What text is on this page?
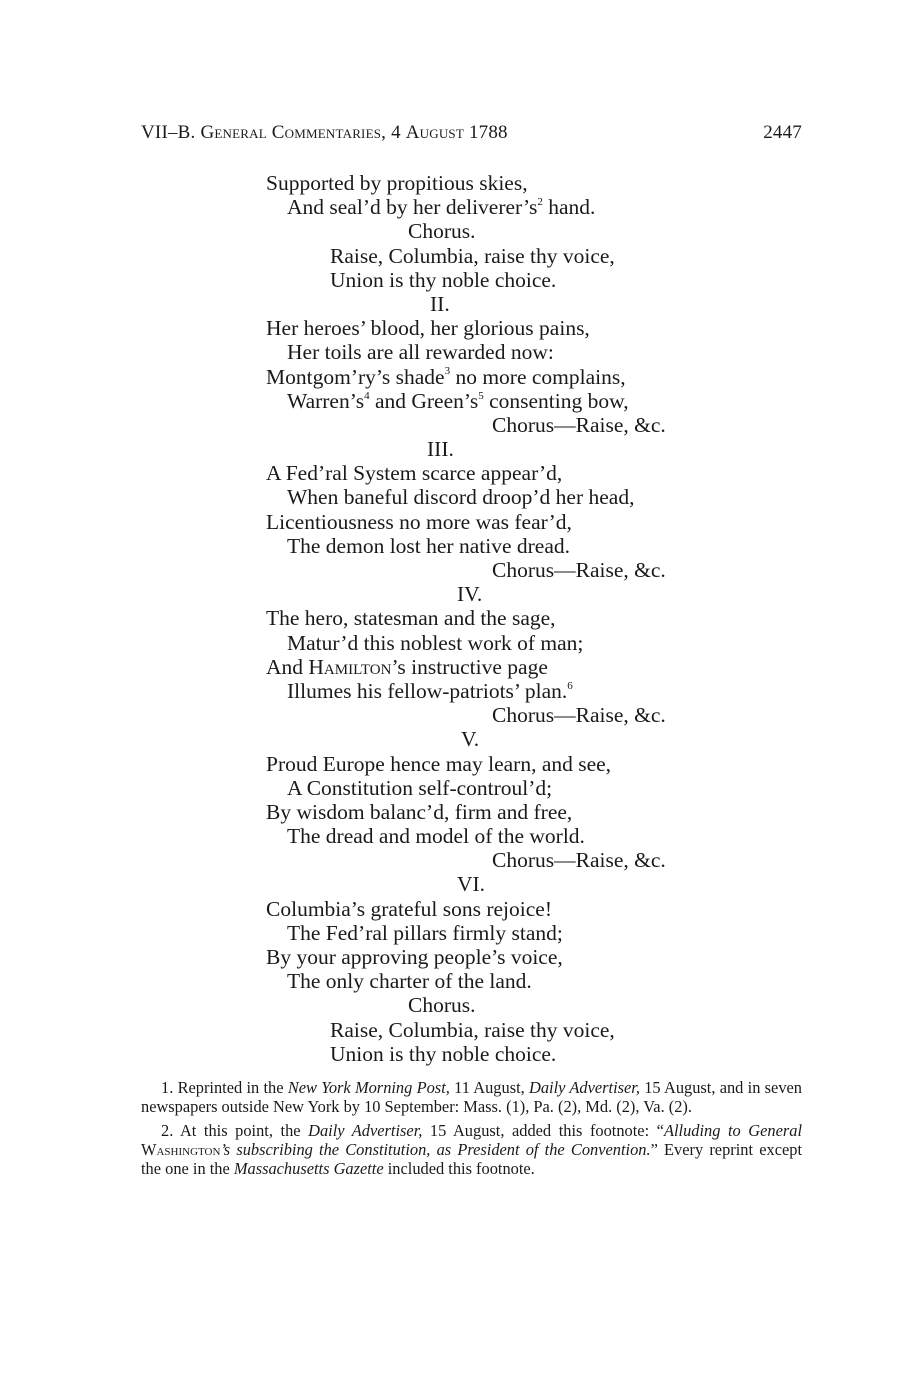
VII–B. General Commentaries, 4 August 1788	2447
Supported by propitious skies,
And seal’d by her $deliverer’s^2$ hand.
Chorus.
Raise, Columbia, raise thy voice,
Union is thy noble choice.
II.
Her heroes’ blood, her glorious pains,
Her toils are all rewarded now:
Montgom’ry’s shade$^3$ no more complains,
$Warren’s^4$ and $Green’s^5$ consenting bow,
Chorus—Raise, &c.
III.
A Fed’ral System scarce appear’d,
When baneful discord droop’d her head,
Licentiousness no more was fear’d,
The demon lost her native dread.
Chorus—Raise, &c.
IV.
The hero, statesman and the sage,
Matur’d this noblest work of man;
And Hamilton’s instructive page
Illumes his fellow-patriots’ plan.$^6$
Chorus—Raise, &c.
V.
Proud Europe hence may learn, and see,
A Constitution self-controul’d;
By wisdom balanc’d, firm and free,
The dread and model of the world.
Chorus—Raise, &c.
VI.
Columbia’s grateful sons rejoice!
The Fed’ral pillars firmly stand;
By your approving people’s voice,
The only charter of the land.
Chorus.
Raise, Columbia, raise thy voice,
Union is thy noble choice.

1. Reprinted in the New York Morning Post, 11 August, Daily Advertiser, 15 August, and in seven newspapers outside New York by 10 September: Mass. (1), Pa. (2), Md. (2), Va. (2).

2. At this point, the Daily Advertiser, 15 August, added this footnote: “Alluding to General Washington’s subscribing the Constitution, as President of the Convention.” Every reprint except the one in the Massachusetts Gazette included this footnote.
